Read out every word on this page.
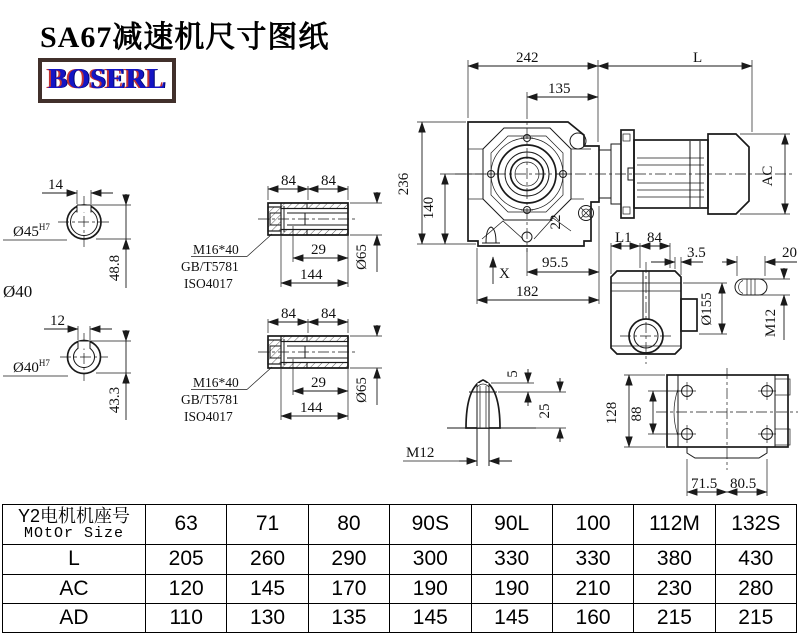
SA67减速机尺寸图纸
BOSERL
14
$Ø45^{H7}$
48.8
Ø40
12
$Ø40^{H7}$
43.3
84 84
29
144
Ø65
M16*40
GB/T5781
ISO4017
84 84
29
144
Ø65
M16*40
GB/T5781
ISO4017
22
242	L
135
236
140
95.5
182
X
AC
L1 84
3.5
Ø155
20
M12
5
25
M12
128 88
71.5 80.5
Y2电机机座号
MOtOr Size	63	71	80	90S	90L	100	112M	132S
L	205	260	290	300	330	330	380	430
AC	120	145	170	190	190	210	230	280
AD	110	130	135	145	145	160	215	215
